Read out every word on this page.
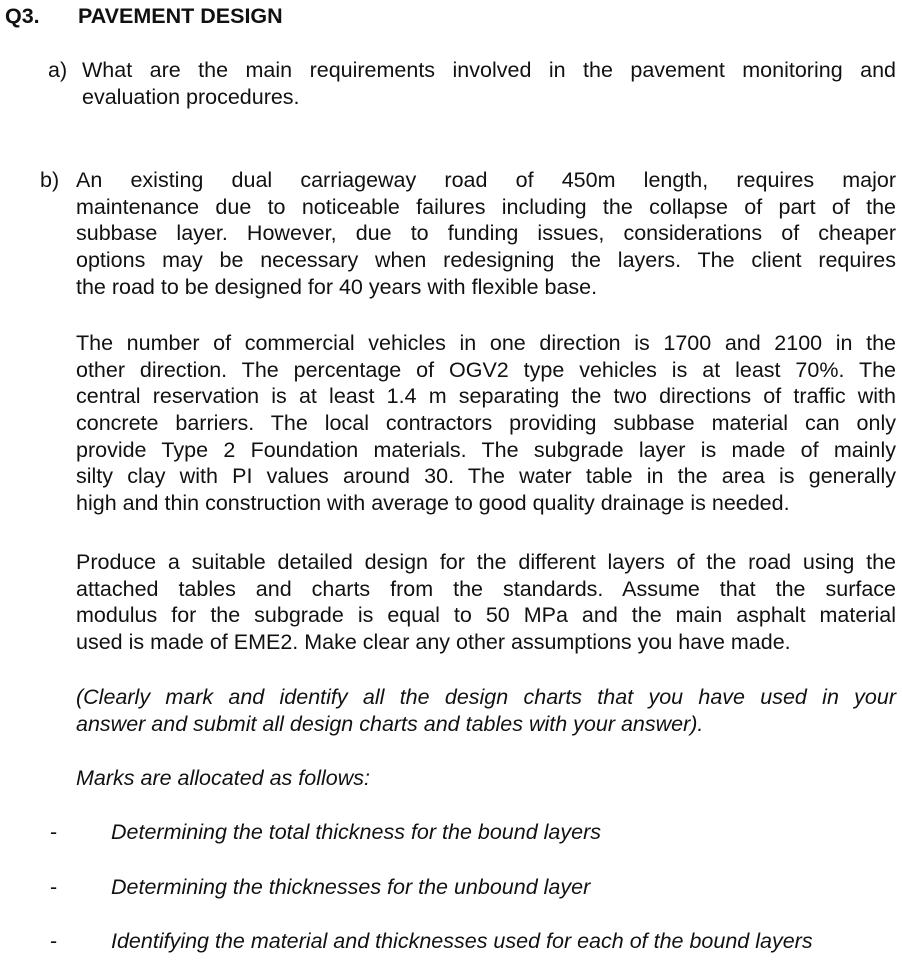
Q3. PAVEMENT DESIGN
a) What are the main requirements involved in the pavement monitoring and
evaluation procedures.
b) An existing dual carriageway road of 450m length, requires major
maintenance due to noticeable failures including the collapse of part of the
subbase layer. However, due to funding issues, considerations of cheaper
options may be necessary when redesigning the layers. The client requires
the road to be designed for 40 years with flexible base.
The number of commercial vehicles in one direction is 1700 and 2100 in the
other direction. The percentage of OGV2 type vehicles is at least 70%. The
central reservation is at least 1.4 m separating the two directions of traffic with
concrete barriers. The local contractors providing subbase material can only
provide Type 2 Foundation materials. The subgrade layer is made of mainly
silty clay with PI values around 30. The water table in the area is generally
high and thin construction with average to good quality drainage is needed.
Produce a suitable detailed design for the different layers of the road using the
attached tables and charts from the standards. Assume that the surface
modulus for the subgrade is equal to 50 MPa and the main asphalt material
used is made of EME2. Make clear any other assumptions you have made.
(Clearly mark and identify all the design charts that you have used in your
answer and submit all design charts and tables with your answer).
Marks are allocated as follows:
-	Determining the total thickness for the bound layers
-	Determining the thicknesses for the unbound layer
-	Identifying the material and thicknesses used for each of the bound layers
